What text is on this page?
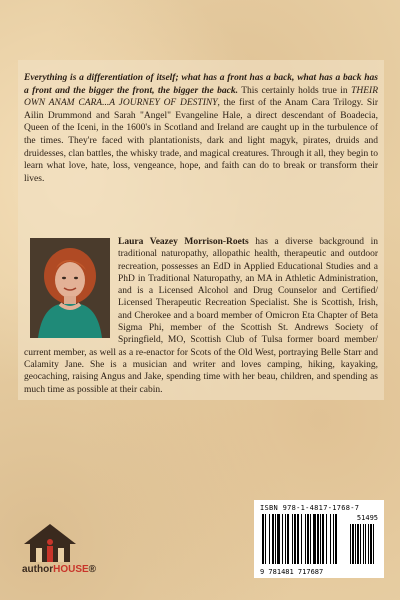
Everything is a differentiation of itself; what has a front has a back, what has a back has a front and the bigger the front, the bigger the back. This certainly holds true in THEIR OWN ANAM CARA...A JOURNEY OF DESTINY, the first of the Anam Cara Trilogy. Sir Ailin Drummond and Sarah "Angel" Evangeline Hale, a direct descendant of Boadecia, Queen of the Iceni, in the 1600's in Scotland and Ireland are caught up in the turbulence of the times. They're faced with plantationists, dark and light magyk, pirates, druids and druidesses, clan battles, the whisky trade, and magical creatures. Through it all, they begin to learn what love, hate, loss, vengeance, hope, and faith can do to break or transform their lives.
Laura Veazey Morrison-Roets has a diverse background in traditional naturopathy, allopathic health, therapeutic and outdoor recreation, possesses an EdD in Applied Educational Studies and a PhD in Traditional Naturopathy, an MA in Athletic Administration, and is a Licensed Alcohol and Drug Counselor and Certified/ Licensed Therapeutic Recreation Specialist. She is Scottish, Irish, and Cherokee and a board member of Omicron Eta Chapter of Beta Sigma Phi, member of the Scottish St. Andrews Society of Springfield, MO, Scottish Club of Tulsa former board member/ current member, as well as a re-enactor for Scots of the Old West, portraying Belle Starr and Calamity Jane. She is a musician and writer and loves camping, hiking, kayaking, geocaching, raising Angus and Jake, spending time with her beau, children, and spending as much time as possible at their cabin.
authorHOUSE®
ISBN 978-1-4817-1768-7
51495
9 781481 717687
